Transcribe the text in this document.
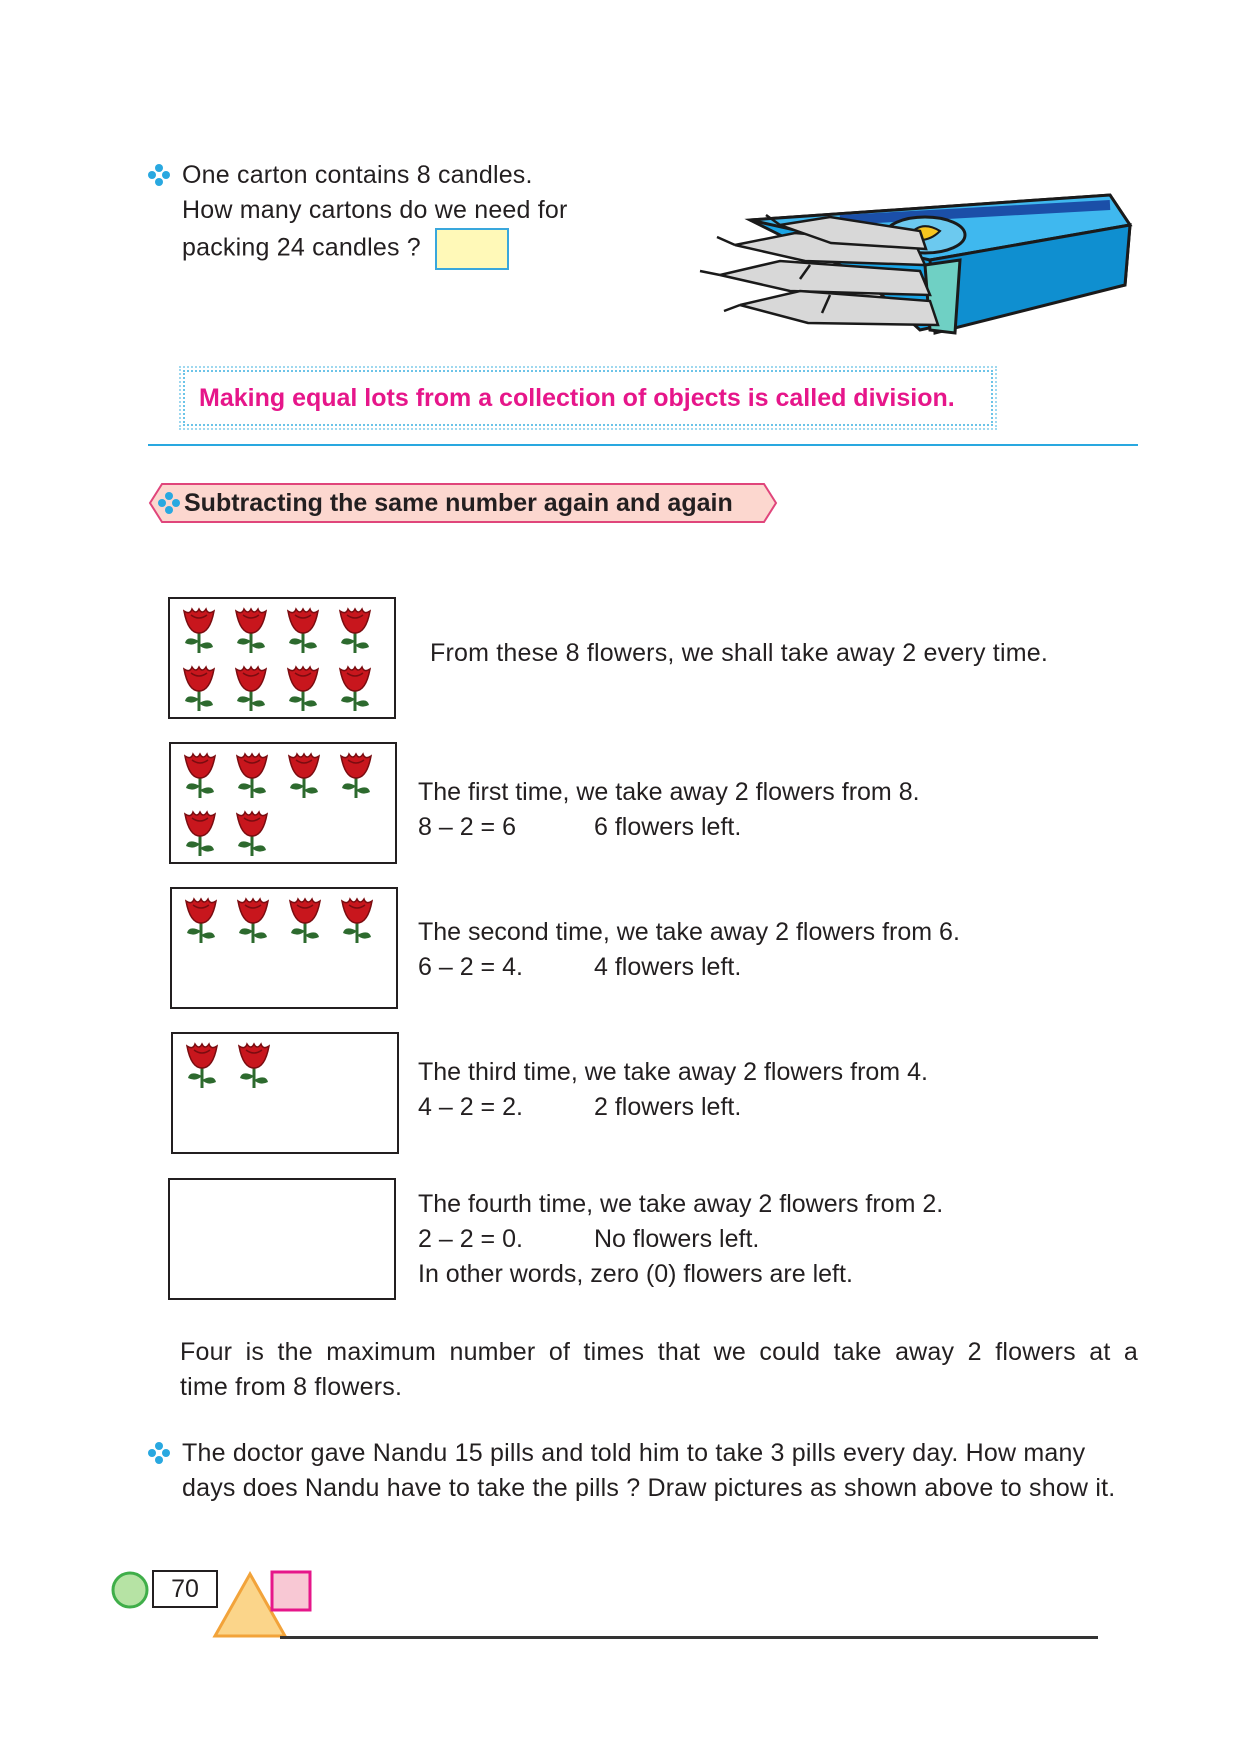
One carton contains 8 candles.
How many cartons do we need for
packing 24 candles ?
Making equal lots from a collection of objects is called division.
Subtracting the same number again and again
From these 8 flowers, we shall take away 2 every time.
The first time, we take away 2 flowers from 8.
8 – 2 = 6	6 flowers left.
The second time, we take away 2 flowers from 6.
6 – 2 = 4.	4 flowers left.
The third time, we take away 2 flowers from 4.
4 – 2 = 2.	2 flowers left.
The fourth time, we take away 2 flowers from 2.
2 – 2 = 0.	No flowers left.
In other words, zero (0) flowers are left.
Four is the maximum number of times that we could take away 2 flowers at a
time from 8 flowers.
The doctor gave Nandu 15 pills and told him to take 3 pills every day. How many
days does Nandu have to take the pills ? Draw pictures as shown above to show it.
70
